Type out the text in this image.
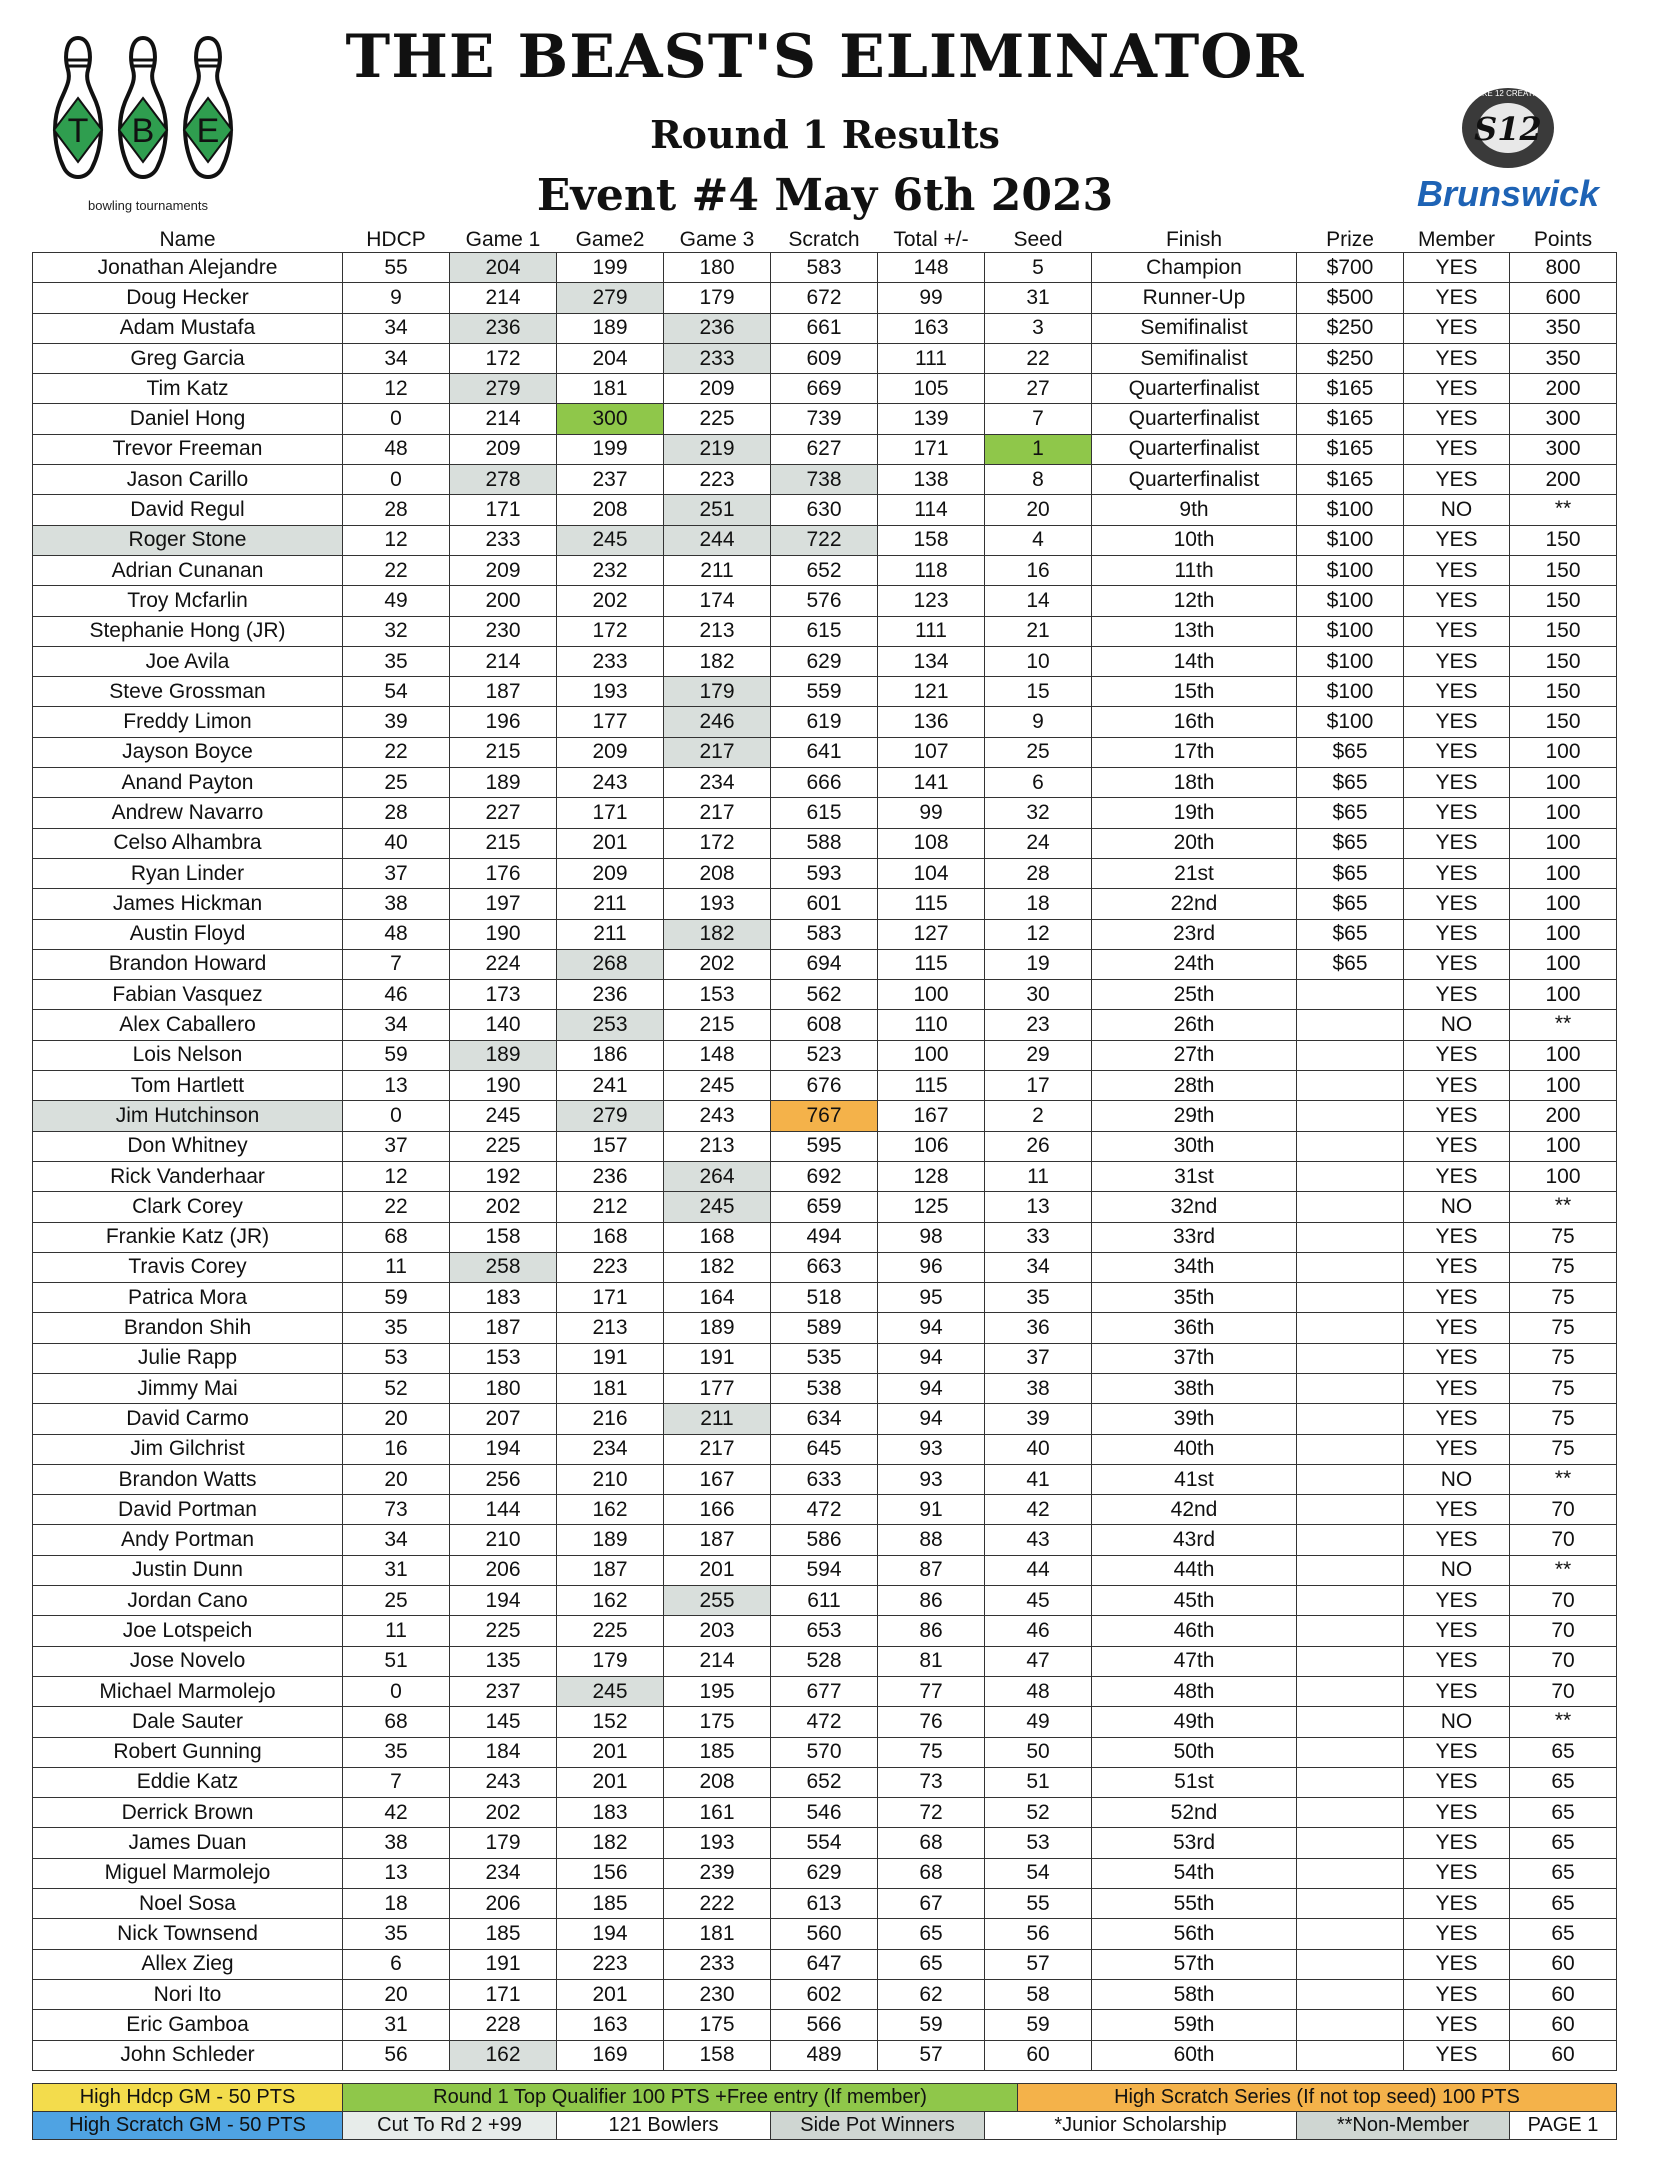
T B E
bowling tournaments
S12
STRIKE 12 CREATIONS
Brunswick
THE BEAST'S ELIMINATOR
Round 1 Results
Event #4 May 6th 2023
Name	HDCP	Game 1	Game2	Game 3	Scratch	Total +/-	Seed	Finish	Prize	Member	Points
Jonathan Alejandre	55	204	199	180	583	148	5	Champion	$700	YES	800
Doug Hecker	9	214	279	179	672	99	31	Runner-Up	$500	YES	600
Adam Mustafa	34	236	189	236	661	163	3	Semifinalist	$250	YES	350
Greg Garcia	34	172	204	233	609	111	22	Semifinalist	$250	YES	350
Tim Katz	12	279	181	209	669	105	27	Quarterfinalist	$165	YES	200
Daniel Hong	0	214	300	225	739	139	7	Quarterfinalist	$165	YES	300
Trevor Freeman	48	209	199	219	627	171	1	Quarterfinalist	$165	YES	300
Jason Carillo	0	278	237	223	738	138	8	Quarterfinalist	$165	YES	200
David Regul	28	171	208	251	630	114	20	9th	$100	NO	**
Roger Stone	12	233	245	244	722	158	4	10th	$100	YES	150
Adrian Cunanan	22	209	232	211	652	118	16	11th	$100	YES	150
Troy Mcfarlin	49	200	202	174	576	123	14	12th	$100	YES	150
Stephanie Hong (JR)	32	230	172	213	615	111	21	13th	$100	YES	150
Joe Avila	35	214	233	182	629	134	10	14th	$100	YES	150
Steve Grossman	54	187	193	179	559	121	15	15th	$100	YES	150
Freddy Limon	39	196	177	246	619	136	9	16th	$100	YES	150
Jayson Boyce	22	215	209	217	641	107	25	17th	$65	YES	100
Anand Payton	25	189	243	234	666	141	6	18th	$65	YES	100
Andrew Navarro	28	227	171	217	615	99	32	19th	$65	YES	100
Celso Alhambra	40	215	201	172	588	108	24	20th	$65	YES	100
Ryan Linder	37	176	209	208	593	104	28	21st	$65	YES	100
James Hickman	38	197	211	193	601	115	18	22nd	$65	YES	100
Austin Floyd	48	190	211	182	583	127	12	23rd	$65	YES	100
Brandon Howard	7	224	268	202	694	115	19	24th	$65	YES	100
Fabian Vasquez	46	173	236	153	562	100	30	25th		YES	100
Alex Caballero	34	140	253	215	608	110	23	26th		NO	**
Lois Nelson	59	189	186	148	523	100	29	27th		YES	100
Tom Hartlett	13	190	241	245	676	115	17	28th		YES	100
Jim Hutchinson	0	245	279	243	767	167	2	29th		YES	200
Don Whitney	37	225	157	213	595	106	26	30th		YES	100
Rick Vanderhaar	12	192	236	264	692	128	11	31st		YES	100
Clark Corey	22	202	212	245	659	125	13	32nd		NO	**
Frankie Katz (JR)	68	158	168	168	494	98	33	33rd		YES	75
Travis Corey	11	258	223	182	663	96	34	34th		YES	75
Patrica Mora	59	183	171	164	518	95	35	35th		YES	75
Brandon Shih	35	187	213	189	589	94	36	36th		YES	75
Julie Rapp	53	153	191	191	535	94	37	37th		YES	75
Jimmy Mai	52	180	181	177	538	94	38	38th		YES	75
David Carmo	20	207	216	211	634	94	39	39th		YES	75
Jim Gilchrist	16	194	234	217	645	93	40	40th		YES	75
Brandon Watts	20	256	210	167	633	93	41	41st		NO	**
David Portman	73	144	162	166	472	91	42	42nd		YES	70
Andy Portman	34	210	189	187	586	88	43	43rd		YES	70
Justin Dunn	31	206	187	201	594	87	44	44th		NO	**
Jordan Cano	25	194	162	255	611	86	45	45th		YES	70
Joe Lotspeich	11	225	225	203	653	86	46	46th		YES	70
Jose Novelo	51	135	179	214	528	81	47	47th		YES	70
Michael Marmolejo	0	237	245	195	677	77	48	48th		YES	70
Dale Sauter	68	145	152	175	472	76	49	49th		NO	**
Robert Gunning	35	184	201	185	570	75	50	50th		YES	65
Eddie Katz	7	243	201	208	652	73	51	51st		YES	65
Derrick Brown	42	202	183	161	546	72	52	52nd		YES	65
James Duan	38	179	182	193	554	68	53	53rd		YES	65
Miguel Marmolejo	13	234	156	239	629	68	54	54th		YES	65
Noel Sosa	18	206	185	222	613	67	55	55th		YES	65
Nick Townsend	35	185	194	181	560	65	56	56th		YES	65
Allex Zieg	6	191	223	233	647	65	57	57th		YES	60
Nori Ito	20	171	201	230	602	62	58	58th		YES	60
Eric Gamboa	31	228	163	175	566	59	59	59th		YES	60
John Schleder	56	162	169	158	489	57	60	60th		YES	60
High Hdcp GM - 50 PTS	Round 1 Top Qualifier 100 PTS +Free entry (If member)	High Scratch Series (If not top seed) 100 PTS
High Scratch GM - 50 PTS	Cut To Rd 2 +99	121 Bowlers	Side Pot Winners	*Junior Scholarship	**Non-Member	PAGE 1
